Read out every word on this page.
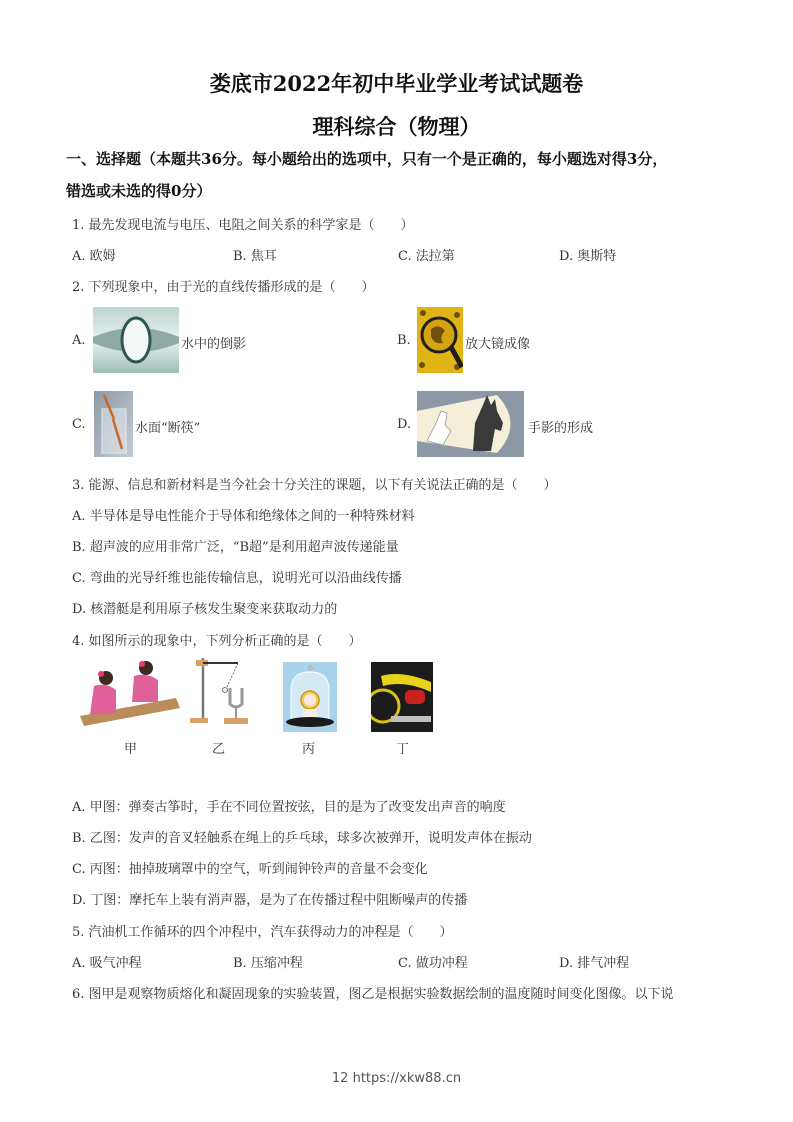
娄底市2022年初中毕业学业考试试题卷
理科综合（物理）
一、选择题（本题共36分。每小题给出的选项中，只有一个是正确的，每小题选对得3分，
错选或未选的得0分）
1. 最先发现电流与电压、电阻之间关系的科学家是（　　）
A. 欧姆	B. 焦耳	C. 法拉第	D. 奥斯特
2. 下列现象中，由于光的直线传播形成的是（　　）
A.	水中的倒影	B.	放大镜成像
C.	水面“断筷”	D.	手影的形成
3. 能源、信息和新材料是当今社会十分关注的课题，以下有关说法正确的是（　　）
A. 半导体是导电性能介于导体和绝缘体之间的一种特殊材料
B. 超声波的应用非常广泛，“B超”是利用超声波传递能量
C. 弯曲的光导纤维也能传输信息，说明光可以沿曲线传播
D. 核潜艇是利用原子核发生聚变来获取动力的
4. 如图所示的现象中，下列分析正确的是（　　）
甲	乙	丙	丁
A. 甲图：弹奏古筝时，手在不同位置按弦，目的是为了改变发出声音的响度
B. 乙图：发声的音叉轻触系在绳上的乒乓球，球多次被弹开，说明发声体在振动
C. 丙图：抽掉玻璃罩中的空气，听到闹钟铃声的音量不会变化
D. 丁图：摩托车上装有消声器，是为了在传播过程中阻断噪声的传播
5. 汽油机工作循环的四个冲程中，汽车获得动力的冲程是（　　）
A. 吸气冲程	B. 压缩冲程	C. 做功冲程	D. 排气冲程
6. 图甲是观察物质熔化和凝固现象的实验装置，图乙是根据实验数据绘制的温度随时间变化图像。以下说
12 https://xkw88.cn
